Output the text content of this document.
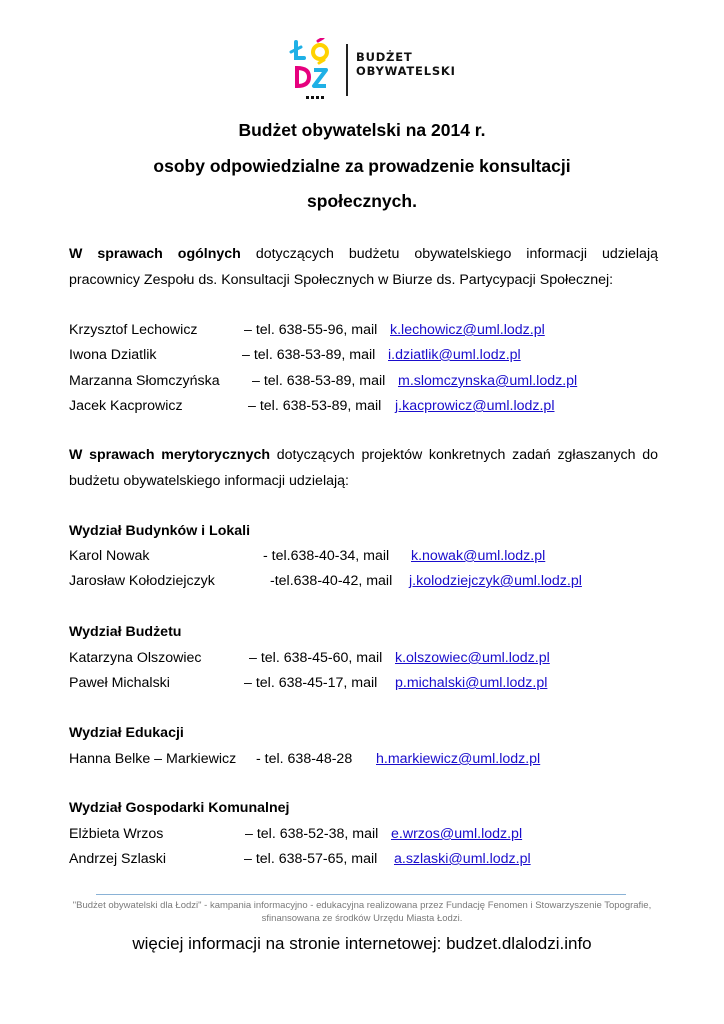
BUDŻET
OBYWATELSKI
Budżet obywatelski na 2014 r.
osoby odpowiedzialne za prowadzenie konsultacji
społecznych.
W sprawach ogólnych dotyczących budżetu obywatelskiego informacji udzielają
pracownicy Zespołu ds. Konsultacji Społecznych w Biurze ds. Partycypacji Społecznej:
Krzysztof Lechowicz	– tel. 638-55-96, mail k.lechowicz@uml.lodz.pl
Iwona Dziatlik	– tel. 638-53-89, mail i.dziatlik@uml.lodz.pl
Marzanna Słomczyńska – tel. 638-53-89, mail m.slomczynska@uml.lodz.pl
Jacek Kacprowicz	– tel. 638-53-89, mail j.kacprowicz@uml.lodz.pl
W sprawach merytorycznych dotyczących projektów konkretnych zadań zgłaszanych do
budżetu obywatelskiego informacji udzielają:
Wydział Budynków i Lokali
Karol Nowak	- tel.638-40-34, mail k.nowak@uml.lodz.pl
Jarosław Kołodziejczyk	-tel.638-40-42, mail j.kolodziejczyk@uml.lodz.pl
Wydział Budżetu
Katarzyna Olszowiec	– tel. 638-45-60, mail k.olszowiec@uml.lodz.pl
Paweł Michalski	– tel. 638-45-17, mail p.michalski@uml.lodz.pl
Wydział Edukacji
Hanna Belke – Markiewicz - tel. 638-48-28 h.markiewicz@uml.lodz.pl
Wydział Gospodarki Komunalnej
Elżbieta Wrzos	– tel. 638-52-38, mail e.wrzos@uml.lodz.pl
Andrzej Szlaski	– tel. 638-57-65, mail a.szlaski@uml.lodz.pl
"Budżet obywatelski dla Łodzi" - kampania informacyjno - edukacyjna realizowana przez Fundację Fenomen i Stowarzyszenie Topografie,
sfinansowana ze środków Urzędu Miasta Łodzi.
więciej informacji na stronie internetowej: budzet.dlalodzi.info
